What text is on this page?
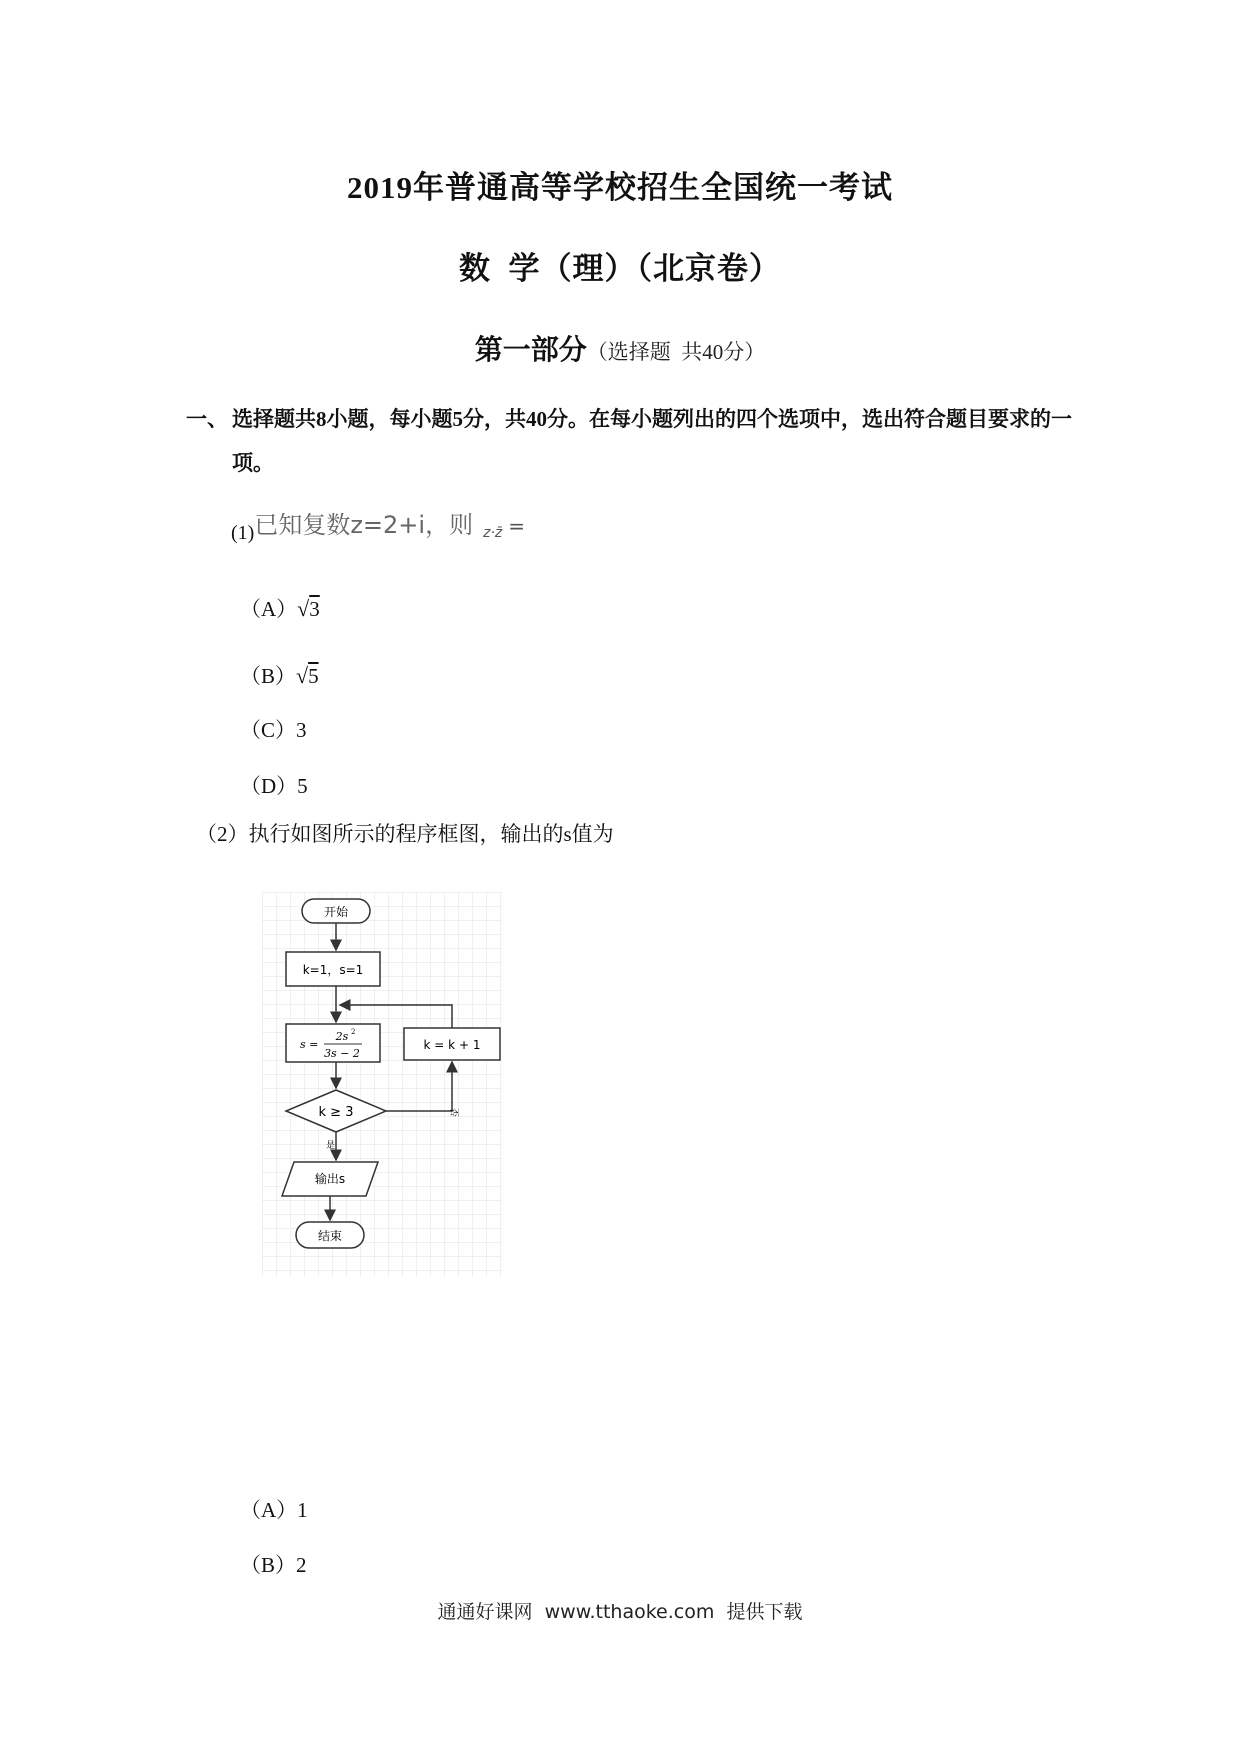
2019年普通高等学校招生全国统一考试
数  学（理）（北京卷）
第一部分（选择题  共40分）
一、 选择题共8小题，每小题5分，共40分。在每小题列出的四个选项中，选出符合题目要求的一项。
(1)已知复数z=2+i，则 z·z̄ =
（A）√3
（B）√5
（C）3
（D）5
（2）执行如图所示的程序框图，输出的s值为
开始
k=1，s=1
s =
2s 2
3s − 2
k = k + 1
k ≥ 3	否
是
输出s
结束
（A）1
（B）2
通通好课网  www.tthaoke.com  提供下载
